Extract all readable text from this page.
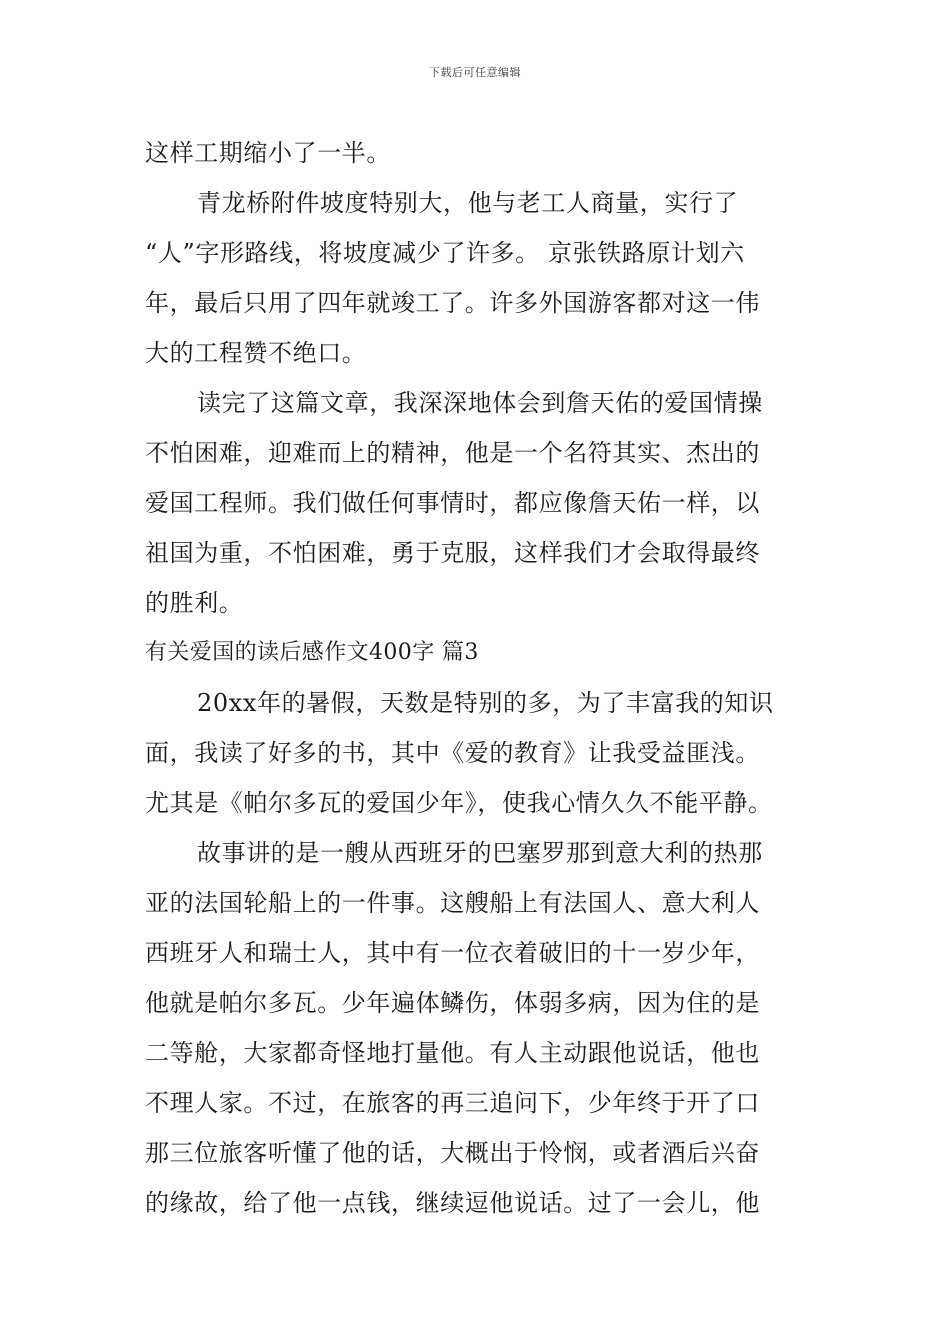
下载后可任意编辑
这样工期缩小了一半。
青龙桥附件坡度特别大，他与老工人商量，实行了
“人”字形路线，将坡度减少了许多。 京张铁路原计划六
年，最后只用了四年就竣工了。许多外国游客都对这一伟
大的工程赞不绝口。
读完了这篇文章，我深深地体会到詹天佑的爱国情操
不怕困难，迎难而上的精神，他是一个名符其实、杰出的
爱国工程师。我们做任何事情时，都应像詹天佑一样，以
祖国为重，不怕困难，勇于克服，这样我们才会取得最终
的胜利。
有关爱国的读后感作文400字 篇3
20xx年的暑假，天数是特别的多，为了丰富我的知识
面，我读了好多的书，其中《爱的教育》让我受益匪浅。
尤其是《帕尔多瓦的爱国少年》，使我心情久久不能平静。
故事讲的是一艘从西班牙的巴塞罗那到意大利的热那
亚的法国轮船上的一件事。这艘船上有法国人、意大利人
西班牙人和瑞士人，其中有一位衣着破旧的十一岁少年，
他就是帕尔多瓦。少年遍体鳞伤，体弱多病，因为住的是
二等舱，大家都奇怪地打量他。有人主动跟他说话，他也
不理人家。不过，在旅客的再三追问下，少年终于开了口
那三位旅客听懂了他的话，大概出于怜悯，或者酒后兴奋
的缘故，给了他一点钱，继续逗他说话。过了一会儿，他
